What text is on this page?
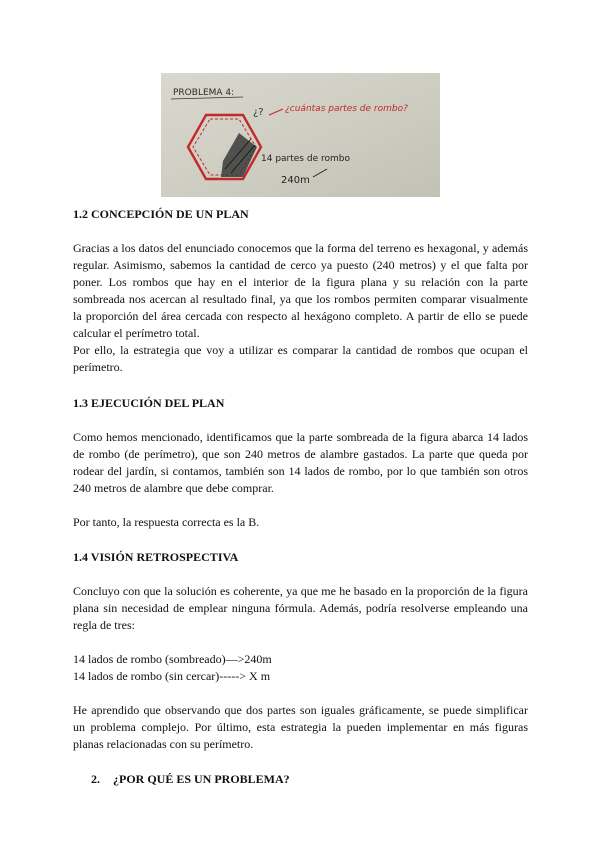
PROBLEMA 4:
¿? ¿cuántas partes de rombo?
14 partes de rombo
240m
1.2 CONCEPCIÓN DE UN PLAN

Gracias a los datos del enunciado conocemos que la forma del terreno es hexagonal, y además regular. Asimismo, sabemos la cantidad de cerco ya puesto (240 metros) y el que falta por poner. Los rombos que hay en el interior de la figura plana y su relación con la parte sombreada nos acercan al resultado final, ya que los rombos permiten comparar visualmente la proporción del área cercada con respecto al hexágono completo. A partir de ello se puede calcular el perímetro total.

Por ello, la estrategia que voy a utilizar es comparar la cantidad de rombos que ocupan el perímetro.

1.3 EJECUCIÓN DEL PLAN

Como hemos mencionado, identificamos que la parte sombreada de la figura abarca 14 lados de rombo (de perímetro), que son 240 metros de alambre gastados. La parte que queda por rodear del jardín, si contamos, también son 14 lados de rombo, por lo que también son otros 240 metros de alambre que debe comprar.

Por tanto, la respuesta correcta es la B.

1.4 VISIÓN RETROSPECTIVA

Concluyo con que la solución es coherente, ya que me he basado en la proporción de la figura plana sin necesidad de emplear ninguna fórmula. Además, podría resolverse empleando una regla de tres:

14 lados de rombo (sombreado)—>240m

14 lados de rombo (sin cercar)-----> X m

He aprendido que observando que dos partes son iguales gráficamente, se puede simplificar un problema complejo. Por último, esta estrategia la pueden implementar en más figuras planas relacionadas con su perímetro.

2. ¿POR QUÉ ES UN PROBLEMA?
